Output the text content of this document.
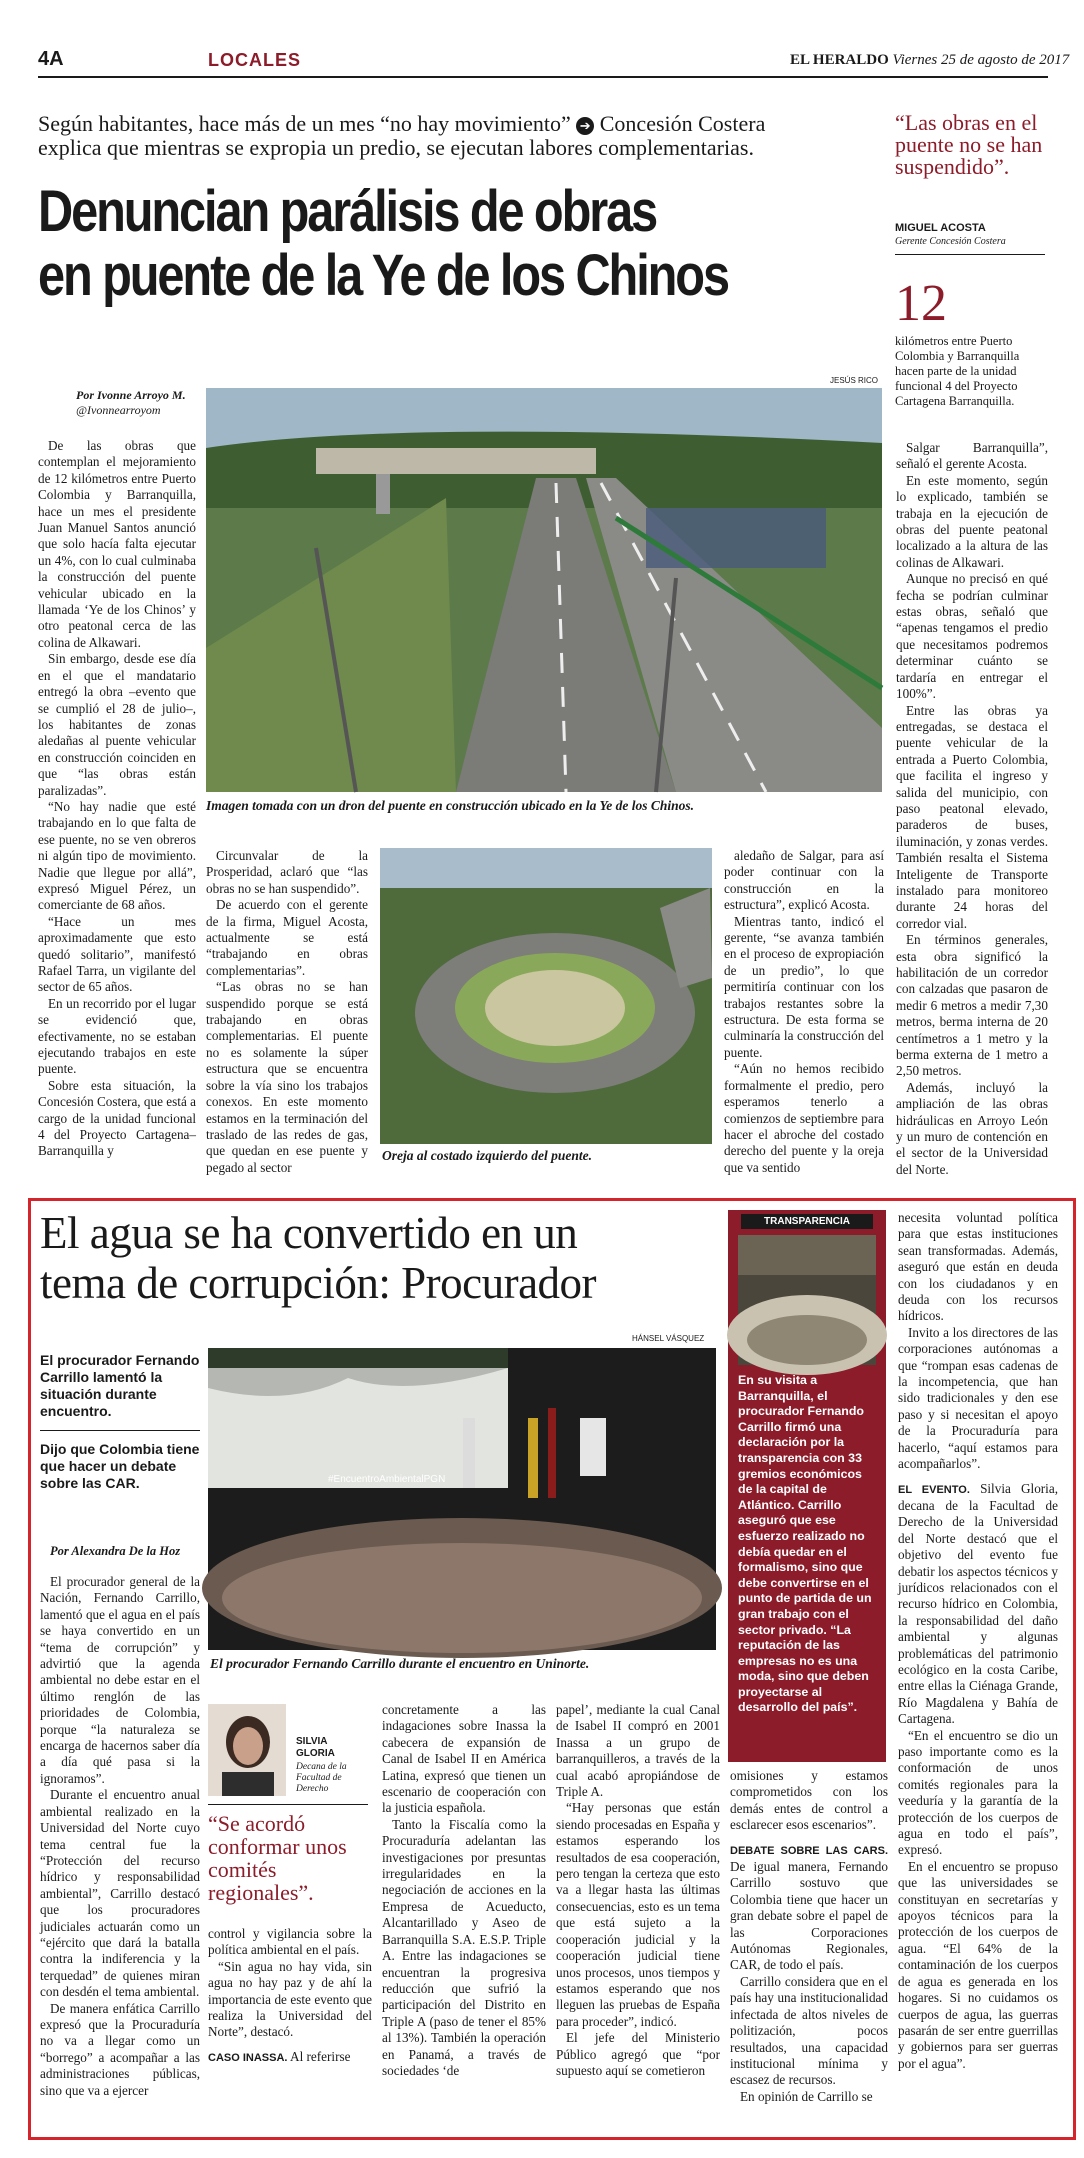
4A	LOCALES	EL HERALDO Viernes 25 de agosto de 2017
Según habitantes, hace más de un mes “no hay movimiento” ➔ Concesión Costera
explica que mientras se expropia un predio, se ejecutan labores complementarias.
Denuncian parálisis de obras
en puente de la Ye de los Chinos
“Las obras en el puente no se han suspendido”.
MIGUEL ACOSTA
Gerente Concesión Costera
12
kilómetros entre Puerto Colombia y Barranquilla hacen parte de la unidad funcional 4 del Proyecto Cartagena Barranquilla.
Por Ivonne Arroyo M.
@Ivonnearroyom
JESÚS RICO
Imagen tomada con un dron del puente en construcción ubicado en la Ye de los Chinos.

De las obras que contemplan el mejoramiento de 12 kilómetros entre Puerto Colombia y Barranquilla, hace un mes el presidente Juan Manuel Santos anunció que solo hacía falta ejecutar un 4%, con lo cual culminaba la construcción del puente vehicular ubicado en la llamada ‘Ye de los Chinos’ y otro peatonal cerca de las colina de Alkawari.

Sin embargo, desde ese día en el que el mandatario entregó la obra –evento que se cumplió el 28 de julio–, los habitantes de zonas aledañas al puente vehicular en construcción coinciden en que “las obras están paralizadas”.

“No hay nadie que esté trabajando en lo que falta de ese puente, no se ven obreros ni algún tipo de movimiento. Nadie que llegue por allá”, expresó Miguel Pérez, un comerciante de 68 años.

“Hace un mes aproximadamente que esto quedó solitario”, manifestó Rafael Tarra, un vigilante del sector de 65 años.

En un recorrido por el lugar se evidenció que, efectivamente, no se estaban ejecutando trabajos en este puente.

Sobre esta situación, la Concesión Costera, que está a cargo de la unidad funcional 4 del Proyecto Cartagena–Barranquilla y

Circunvalar de la Prosperidad, aclaró que “las obras no se han suspendido”.

De acuerdo con el gerente de la firma, Miguel Acosta, actualmente se está “trabajando en obras complementarias”.

“Las obras no se han suspendido porque se está trabajando en obras complementarias. El puente no es solamente la súper estructura que se encuentra sobre la vía sino los trabajos conexos. En este momento estamos en la terminación del traslado de las redes de gas, que quedan en ese puente y pegado al sector

Oreja al costado izquierdo del puente.

aledaño de Salgar, para así poder continuar con la construcción en la estructura”, explicó Acosta.

Mientras tanto, indicó el gerente, “se avanza también en el proceso de expropiación de un predio”, lo que permitiría continuar con los trabajos restantes sobre la estructura. De esta forma se culminaría la construcción del puente.

“Aún no hemos recibido formalmente el predio, pero esperamos tenerlo a comienzos de septiembre para hacer el abroche del costado derecho del puente y la oreja que va sentido

Salgar Barranquilla”, señaló el gerente Acosta.

En este momento, según lo explicado, también se trabaja en la ejecución de obras del puente peatonal localizado a la altura de las colinas de Alkawari.

Aunque no precisó en qué fecha se podrían culminar estas obras, señaló que “apenas tengamos el predio que necesitamos podremos determinar cuánto se tardaría en entregar el 100%”.

Entre las obras ya entregadas, se destaca el puente vehicular de la entrada a Puerto Colombia, que facilita el ingreso y salida del municipio, con paso peatonal elevado, paraderos de buses, iluminación, y zonas verdes. También resalta el Sistema Inteligente de Transporte instalado para monitoreo durante 24 horas del corredor vial.

En términos generales, esta obra significó la habilitación de un corredor con calzadas que pasaron de medir 6 metros a medir 7,30 metros, berma interna de 20 centímetros a 1 metro y la berma externa de 1 metro a 2,50 metros.

Además, incluyó la ampliación de las obras hidráulicas en Arroyo León y un muro de contención en el sector de la Universidad del Norte.

El agua se ha convertido en un
tema de corrupción: Procurador
HÁNSEL VÁSQUEZ
El procurador Fernando Carrillo lamentó la situación durante encuentro.
Dijo que Colombia tiene que hacer un debate sobre las CAR.
Por Alexandra De la Hoz

El procurador general de la Nación, Fernando Carrillo, lamentó que el agua en el país se haya convertido en un “tema de corrupción” y advirtió que la agenda ambiental no debe estar en el último renglón de las prioridades de Colombia, porque “la naturaleza se encarga de hacernos saber día a día qué pasa si la ignoramos”.

Durante el encuentro anual ambiental realizado en la Universidad del Norte cuyo tema central fue la “Protección del recurso hídrico y responsabilidad ambiental”, Carrillo destacó que los procuradores judiciales actuarán como un “ejército que dará la batalla contra la indiferencia y la terquedad” de quienes miran con desdén el tema ambiental.

De manera enfática Carrillo expresó que la Procuraduría no va a llegar como un “borrego” a acompañar a las administraciones públicas, sino que va a ejercer

#EncuentroAmbientalPGN
El procurador Fernando Carrillo durante el encuentro en Uninorte.
TRANSPARENCIA
En su visita a Barranquilla, el procurador Fernando Carrillo firmó una declaración por la transparencia con 33 gremios económicos de la capital de Atlántico. Carrillo aseguró que ese esfuerzo realizado no debía quedar en el formalismo, sino que debe convertirse en el punto de partida de un gran trabajo con el sector privado. “La reputación de las empresas no es una moda, sino que deben proyectarse al desarrollo del país”.
SILVIA
GLORIA
Decana de la Facultad de Derecho
“Se acordó conformar unos comités regionales”.

control y vigilancia sobre la política ambiental en el país.

“Sin agua no hay vida, sin agua no hay paz y de ahí la importancia de este evento que realiza la Universidad del Norte”, destacó.

CASO INASSA. Al referirse

concretamente a las indagaciones sobre Inassa la cabecera de expansión de Canal de Isabel II en América Latina, expresó que tienen un escenario de cooperación con la justicia española.

Tanto la Fiscalía como la Procuraduría adelantan las investigaciones por presuntas irregularidades en la negociación de acciones en la Empresa de Acueducto, Alcantarillado y Aseo de Barranquilla S.A. E.S.P. Triple A. Entre las indagaciones se encuentran la progresiva reducción que sufrió la participación del Distrito en Triple A (paso de tener el 85% al 13%). También la operación en Panamá, a través de sociedades ‘de

papel’, mediante la cual Canal de Isabel II compró en 2001 Inassa a un grupo de barranquilleros, a través de la cual acabó apropiándose de Triple A.

“Hay personas que están siendo procesadas en España y estamos esperando los resultados de esa cooperación, pero tengan la certeza que esto va a llegar hasta las últimas consecuencias, esto es un tema que está sujeto a la cooperación judicial y la cooperación judicial tiene unos procesos, unos tiempos y estamos esperando que nos lleguen las pruebas de España para proceder”, indicó.

El jefe del Ministerio Público agregó que “por supuesto aquí se cometieron

omisiones y estamos comprometidos con los demás entes de control a esclarecer esos escenarios”.

DEBATE SOBRE LAS CARS. De igual manera, Fernando Carrillo sostuvo que Colombia tiene que hacer un gran debate sobre el papel de las Corporaciones Autónomas Regionales, CAR, de todo el país.

Carrillo considera que en el país hay una institucionalidad infectada de altos niveles de politización, pocos resultados, una capacidad institucional mínima y escasez de recursos.

En opinión de Carrillo se

necesita voluntad política para que estas instituciones sean transformadas. Además, aseguró que están en deuda con los ciudadanos y en deuda con los recursos hídricos.

Invito a los directores de las corporaciones autónomas a que “rompan esas cadenas de la incompetencia, que han sido tradicionales y den ese paso y si necesitan el apoyo de la Procuraduría para hacerlo, “aquí estamos para acompañarlos”.

EL EVENTO. Silvia Gloria, decana de la Facultad de Derecho de la Universidad del Norte destacó que el objetivo del evento fue debatir los aspectos técnicos y jurídicos relacionados con el recurso hídrico en Colombia, la responsabilidad del daño ambiental y algunas problemáticas del patrimonio ecológico en la costa Caribe, entre ellas la Ciénaga Grande, Río Magdalena y Bahía de Cartagena.

“En el encuentro se dio un paso importante como es la conformación de unos comités regionales para la veeduría y la garantía de la protección de los cuerpos de agua en todo el país”, expresó.

En el encuentro se propuso que las universidades se constituyan en secretarías y apoyos técnicos para la protección de los cuerpos de agua. “El 64% de la contaminación de los cuerpos de agua es generada en los hogares. Si no cuidamos os cuerpos de agua, las guerras pasarán de ser entre guerrillas y gobiernos para ser guerras por el agua”.
